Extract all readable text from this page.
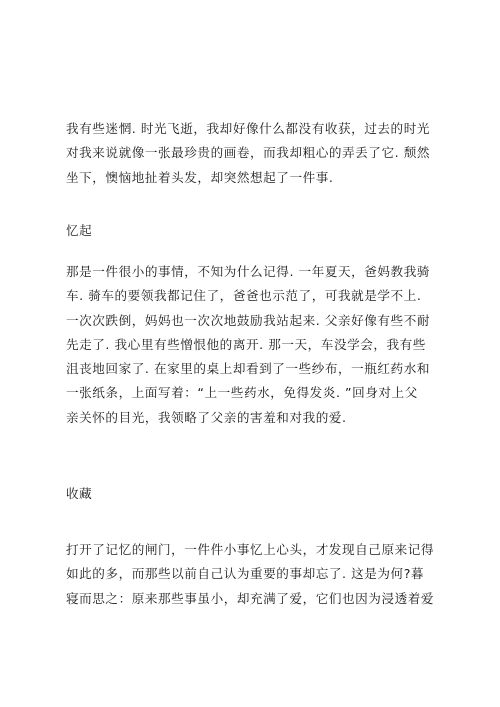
我有些迷惘. 时光飞逝，我却好像什么都没有收获，过去的时光
对我来说就像一张最珍贵的画卷，而我却粗心的弄丢了它. 颓然
坐下，懊恼地扯着头发，却突然想起了一件事.
忆起
那是一件很小的事情，不知为什么记得. 一年夏天，爸妈教我骑
车. 骑车的要领我都记住了，爸爸也示范了，可我就是学不上.
一次次跌倒，妈妈也一次次地鼓励我站起来. 父亲好像有些不耐
先走了. 我心里有些憎恨他的离开. 那一天，车没学会，我有些
沮丧地回家了. 在家里的桌上却看到了一些纱布，一瓶红药水和
一张纸条，上面写着：“上一些药水，免得发炎. ”回身对上父
亲关怀的目光，我领略了父亲的害羞和对我的爱.
收藏
打开了记忆的闸门，一件件小事忆上心头，才发现自己原来记得
如此的多，而那些以前自己认为重要的事却忘了. 这是为何?暮
寝而思之：原来那些事虽小，却充满了爱，它们也因为浸透着爱
